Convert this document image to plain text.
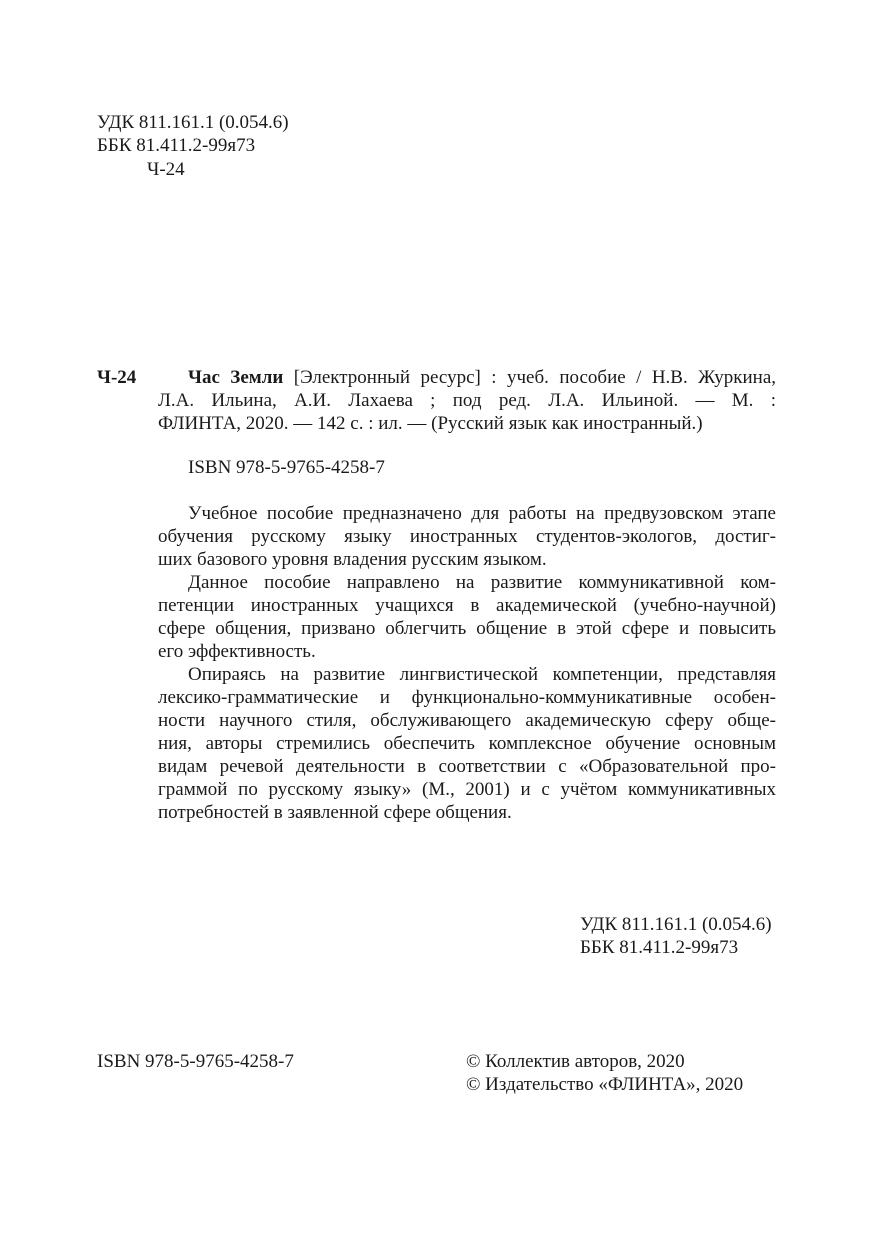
УДК 811.161.1 (0.054.6)
ББК 81.411.2-99я73
Ч-24
Ч-24	Час Земли [Электронный ресурс] : учеб. пособие / Н.В. Журкина,
Л.А. Ильина, А.И. Лахаева ; под ред. Л.А. Ильиной. — М. :
ФЛИНТА, 2020. — 142 с. : ил. — (Русский язык как иностранный.)
ISBN 978-5-9765-4258-7
Учебное пособие предназначено для работы на предвузовском этапе
обучения русскому языку иностранных студентов-экологов, достиг-
ших базового уровня владения русским языком.
Данное пособие направлено на развитие коммуникативной ком-
петенции иностранных учащихся в академической (учебно-научной)
сфере общения, призвано облегчить общение в этой сфере и повысить
его эффективность.
Опираясь на развитие лингвистической компетенции, представляя
лексико-грамматические и функционально-коммуникативные особен-
ности научного стиля, обслуживающего академическую сферу обще-
ния, авторы стремились обеспечить комплексное обучение основным
видам речевой деятельности в соответствии с «Образовательной про-
граммой по русскому языку» (М., 2001) и с учётом коммуникативных
потребностей в заявленной сфере общения.
УДК 811.161.1 (0.054.6)
ББК 81.411.2-99я73
ISBN 978-5-9765-4258-7	© Коллектив авторов, 2020
© Издательство «ФЛИНТА», 2020
